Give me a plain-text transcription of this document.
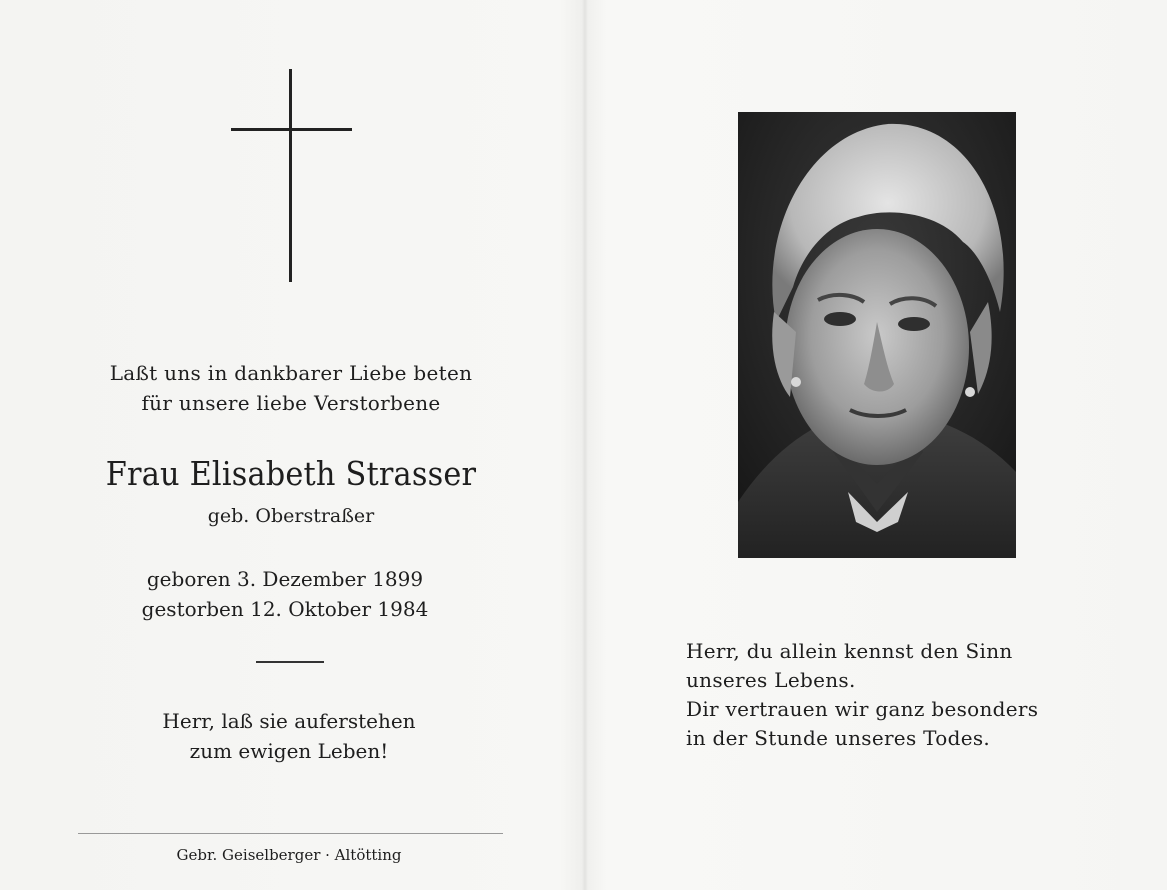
Laßt uns in dankbarer Liebe beten
für unsere liebe Verstorbene
Frau Elisabeth Strasser
geb. Oberstraßer
geboren 3. Dezember 1899
gestorben 12. Oktober 1984
Herr, laß sie auferstehen
zum ewigen Leben!
Gebr. Geiselberger · Altötting
Herr, du allein kennst den Sinn
unseres Lebens.
Dir vertrauen wir ganz besonders
in der Stunde unseres Todes.
